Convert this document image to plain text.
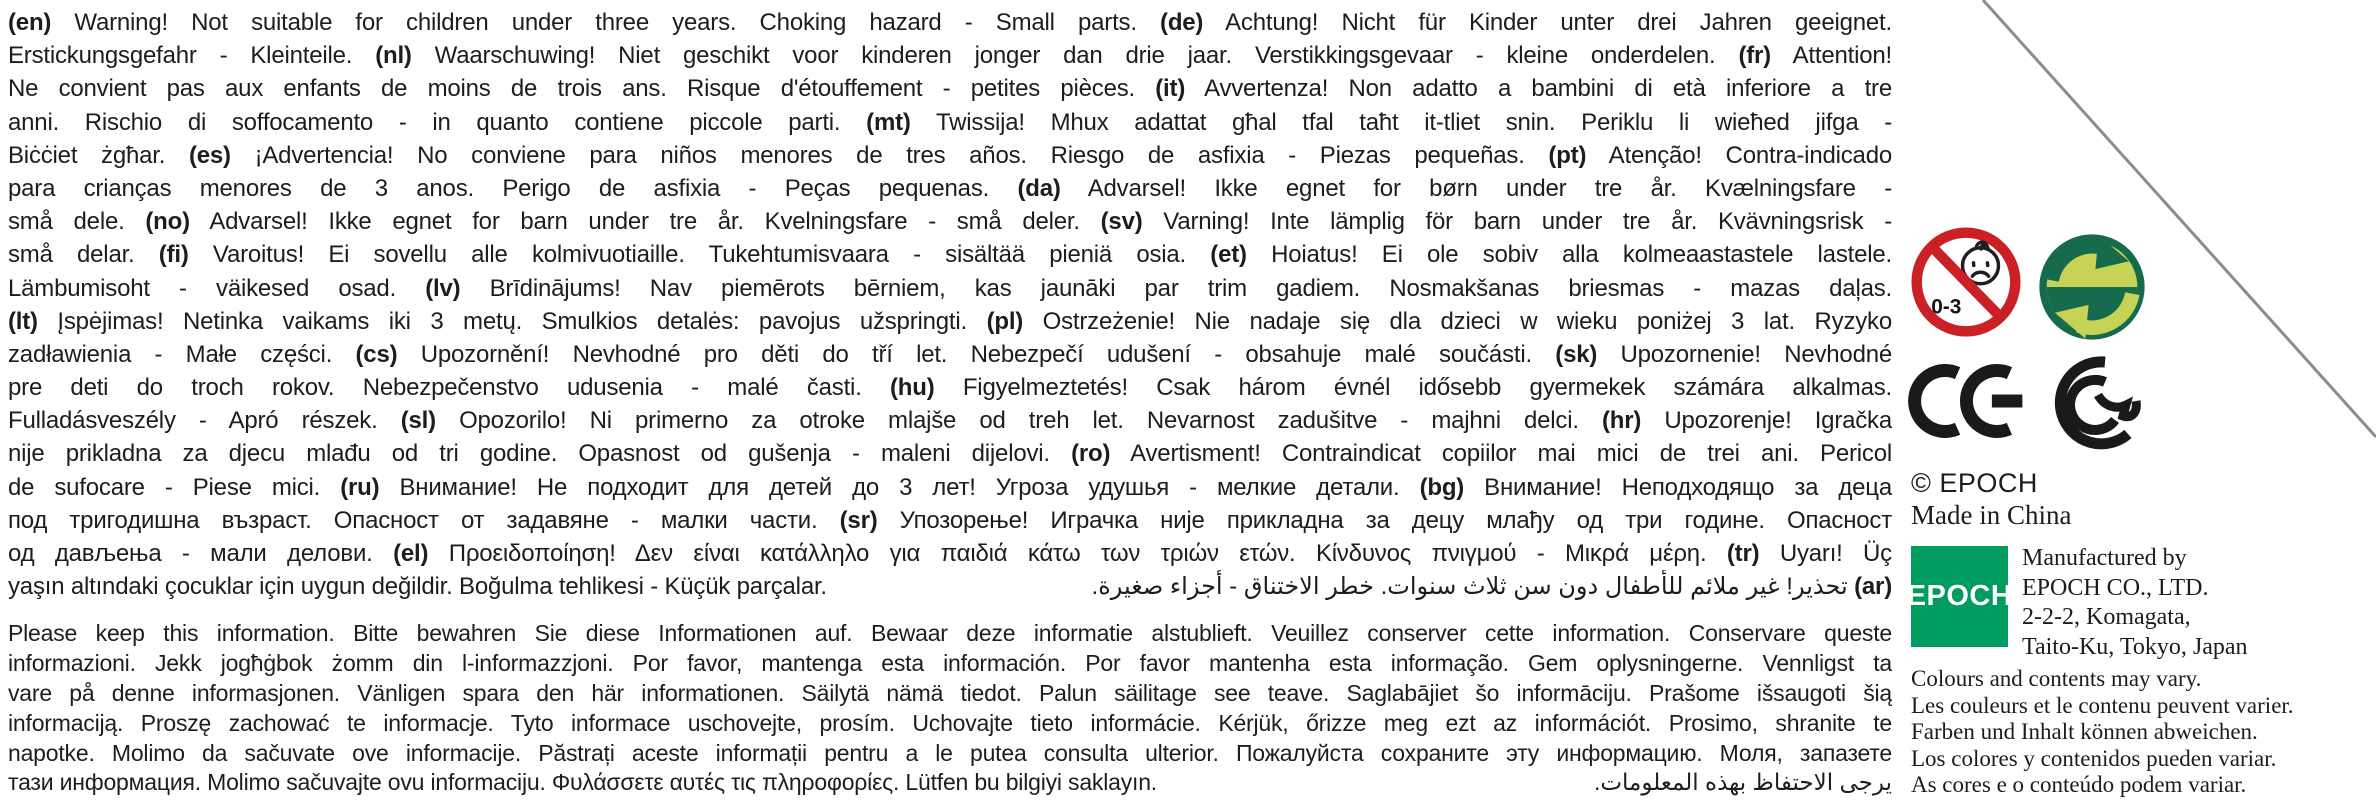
(en) Warning! Not suitable for children under three years. Choking hazard - Small parts. (de) Achtung! Nicht für Kinder unter drei Jahren geeignet.
Erstickungsgefahr - Kleinteile. (nl) Waarschuwing! Niet geschikt voor kinderen jonger dan drie jaar. Verstikkingsgevaar - kleine onderdelen. (fr) Attention!
Ne convient pas aux enfants de moins de trois ans. Risque d'étouffement - petites pièces. (it) Avvertenza! Non adatto a bambini di età inferiore a tre
anni. Rischio di soffocamento - in quanto contiene piccole parti. (mt) Twissija! Mhux adattat għal tfal taħt it-tliet snin. Periklu li wieħed jifga -
Biċċiet żgħar. (es) ¡Advertencia! No conviene para niños menores de tres años. Riesgo de asfixia - Piezas pequeñas. (pt) Atenção! Contra-indicado
para crianças menores de 3 anos. Perigo de asfixia - Peças pequenas. (da) Advarsel! Ikke egnet for børn under tre år. Kvælningsfare -
små dele. (no) Advarsel! Ikke egnet for barn under tre år. Kvelningsfare - små deler. (sv) Varning! Inte lämplig för barn under tre år. Kvävningsrisk -
små delar. (fi) Varoitus! Ei sovellu alle kolmivuotiaille. Tukehtumisvaara - sisältää pieniä osia. (et) Hoiatus! Ei ole sobiv alla kolmeaastastele lastele.
Lämbumisoht - väikesed osad. (lv) Brīdinājums! Nav piemērots bērniem, kas jaunāki par trim gadiem. Nosmakšanas briesmas - mazas daļas.
(lt) Įspėjimas! Netinka vaikams iki 3 metų. Smulkios detalės: pavojus užspringti. (pl) Ostrzeżenie! Nie nadaje się dla dzieci w wieku poniżej 3 lat. Ryzyko
zadławienia - Małe części. (cs) Upozornění! Nevhodné pro děti do tří let. Nebezpečí udušení - obsahuje malé součásti. (sk) Upozornenie! Nevhodné
pre deti do troch rokov. Nebezpečenstvo udusenia - malé časti. (hu) Figyelmeztetés! Csak három évnél idősebb gyermekek számára alkalmas.
Fulladásveszély - Apró részek. (sl) Opozorilo! Ni primerno za otroke mlajše od treh let. Nevarnost zadušitve - majhni delci. (hr) Upozorenje! Igračka
nije prikladna za djecu mlađu od tri godine. Opasnost od gušenja - maleni dijelovi. (ro) Avertisment! Contraindicat copiilor mai mici de trei ani. Pericol
de sufocare - Piese mici. (ru) Внимание! Не подходит для детей до 3 лет! Угроза удушья - мелкие детали. (bg) Внимание! Неподходящо за деца
под тригодишна възраст. Опасност от задавяне - малки части. (sr) Упозорење! Играчка није прикладна за децу млађу од три године. Опасност
од дављења - мали делови. (el) Προειδοποίηση! Δεν είναι κατάλληλο για παιδιά κάτω των τριών ετών. Κίνδυνος πνιγμού - Μικρά μέρη. (tr) Uyarı! Üç
yaşın altındaki çocuklar için uygun değildir. Boğulma tehlikesi - Küçük parçalar.	(ar) تحذير! غير ملائم للأطفال دون سن ثلاث سنوات. خطر الاختناق - أجزاء صغيرة.
Please keep this information. Bitte bewahren Sie diese Informationen auf. Bewaar deze informatie alstublieft. Veuillez conserver cette information. Conservare queste
informazioni. Jekk jogħġbok żomm din l-informazzjoni. Por favor, mantenga esta información. Por favor mantenha esta informação. Gem oplysningerne. Vennligst ta
vare på denne informasjonen. Vänligen spara den här informationen. Säilytä nämä tiedot. Palun säilitage see teave. Saglabājiet šo informāciju. Prašome išsaugoti šią
informaciją. Proszę zachować te informacje. Tyto informace uschovejte, prosím. Uchovajte tieto informácie. Kérjük, őrizze meg ezt az információt. Prosimo, shranite te
napotke. Molimo da sačuvate ove informacije. Păstrați aceste informații pentru a le putea consulta ulterior. Пожалуйста сохраните эту информацию. Моля, запазете
тази информация. Molimo sačuvajte ovu informaciju. Φυλάσσετε αυτές τις πληροφορίες. Lütfen bu bilgiyi saklayın.	يرجى الاحتفاظ بهذه المعلومات.
0-3
© EPOCH
Made in China
EPOCH
Manufactured by
EPOCH CO., LTD.
2-2-2, Komagata,
Taito-Ku, Tokyo, Japan
Colours and contents may vary.
Les couleurs et le contenu peuvent varier.
Farben und Inhalt können abweichen.
Los colores y contenidos pueden variar.
As cores e o conteúdo podem variar.
